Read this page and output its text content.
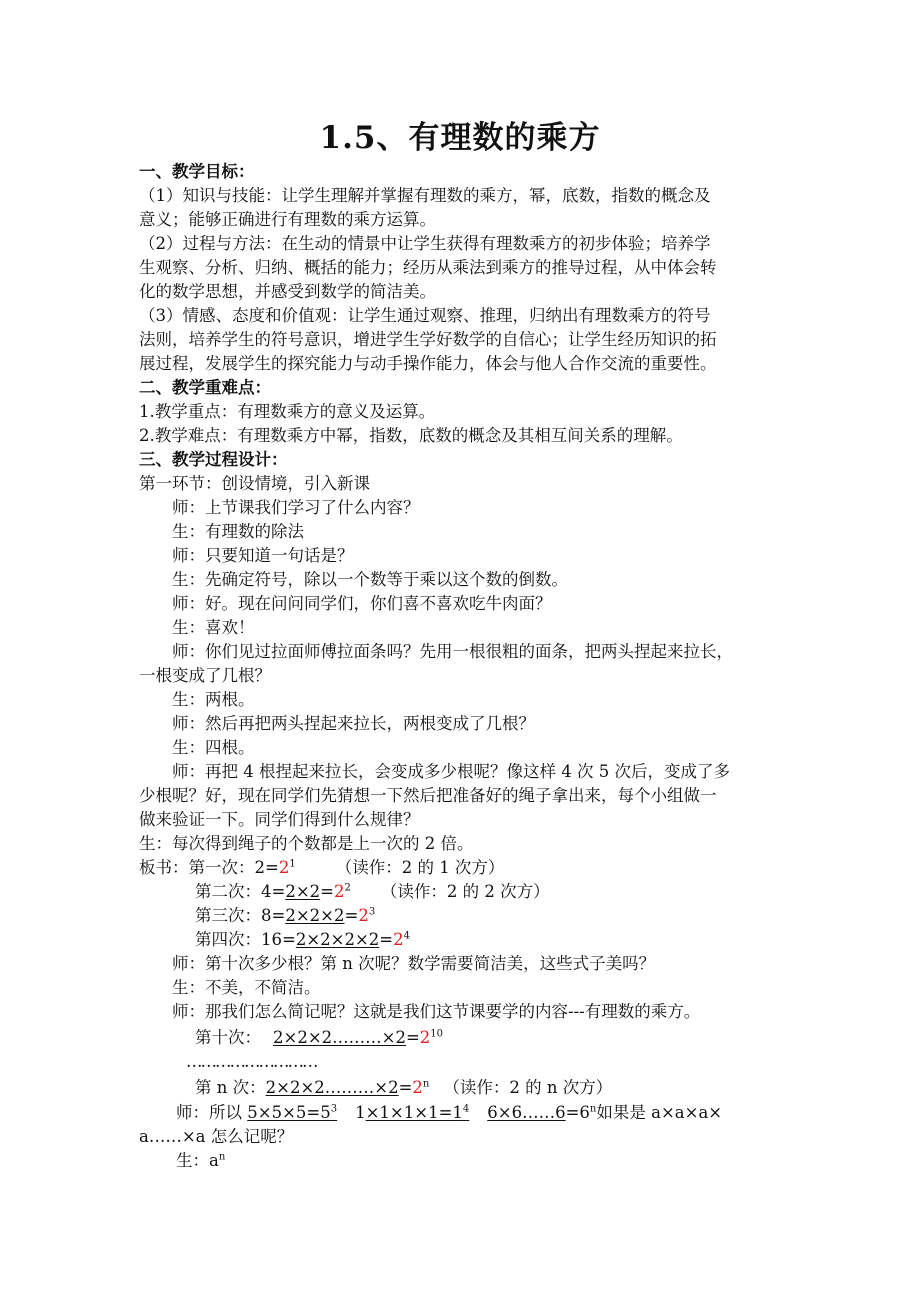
1.5、有理数的乘方
一、教学目标：
（1）知识与技能：让学生理解并掌握有理数的乘方，幂，底数，指数的概念及
意义；能够正确进行有理数的乘方运算。
（2）过程与方法：在生动的情景中让学生获得有理数乘方的初步体验；培养学
生观察、分析、归纳、概括的能力；经历从乘法到乘方的推导过程，从中体会转
化的数学思想，并感受到数学的简洁美。
（3）情感、态度和价值观：让学生通过观察、推理，归纳出有理数乘方的符号
法则，培养学生的符号意识，增进学生学好数学的自信心；让学生经历知识的拓
展过程，发展学生的探究能力与动手操作能力，体会与他人合作交流的重要性。
二、教学重难点：
1.教学重点：有理数乘方的意义及运算。
2.教学难点：有理数乘方中幂，指数，底数的概念及其相互间关系的理解。
三、教学过程设计：
第一环节：创设情境，引入新课
师：上节课我们学习了什么内容？
生：有理数的除法
师：只要知道一句话是？
生：先确定符号，除以一个数等于乘以这个数的倒数。
师：好。现在问问同学们，你们喜不喜欢吃牛肉面？
生：喜欢！
师：你们见过拉面师傅拉面条吗？先用一根很粗的面条，把两头捏起来拉长，
一根变成了几根？
生：两根。
师：然后再把两头捏起来拉长，两根变成了几根？
生：四根。
师：再把 4 根捏起来拉长，会变成多少根呢？像这样 4 次 5 次后，变成了多
少根呢？好，现在同学们先猜想一下然后把准备好的绳子拿出来，每个小组做一
做来验证一下。同学们得到什么规律？
生：每次得到绳子的个数都是上一次的 2 倍。
板书：第一次：$2=2^1$ （读作：2 的 1 次方）
第二次：$4=2\times 2=2^2$ （读作：2 的 2 次方）
第三次：$8=2\times 2\times 2=2^3$
第四次：$16=2\times 2\times 2\times 2=2^4$
师：第十次多少根？第 n 次呢？数学需要简洁美，这些式子美吗？
生：不美，不简洁。
师：那我们怎么简记呢？这就是我们这节课要学的内容---有理数的乘方。
第十次： $2\times 2\times 2\dots\dots\dots\times 2=2^{10}$
………………………
第 n 次：$2\times 2\times 2\dots\dots\dots\times 2=2^n$ （读作：2 的 n 次方）
师：所以 $5\times 5\times 5=5^3$ $1\times 1\times 1\times 1=1^4$ $6\times 6\dots\dots 6=6^n$如果是 a×a×a×
a……×a 怎么记呢？
生：$a^n$
